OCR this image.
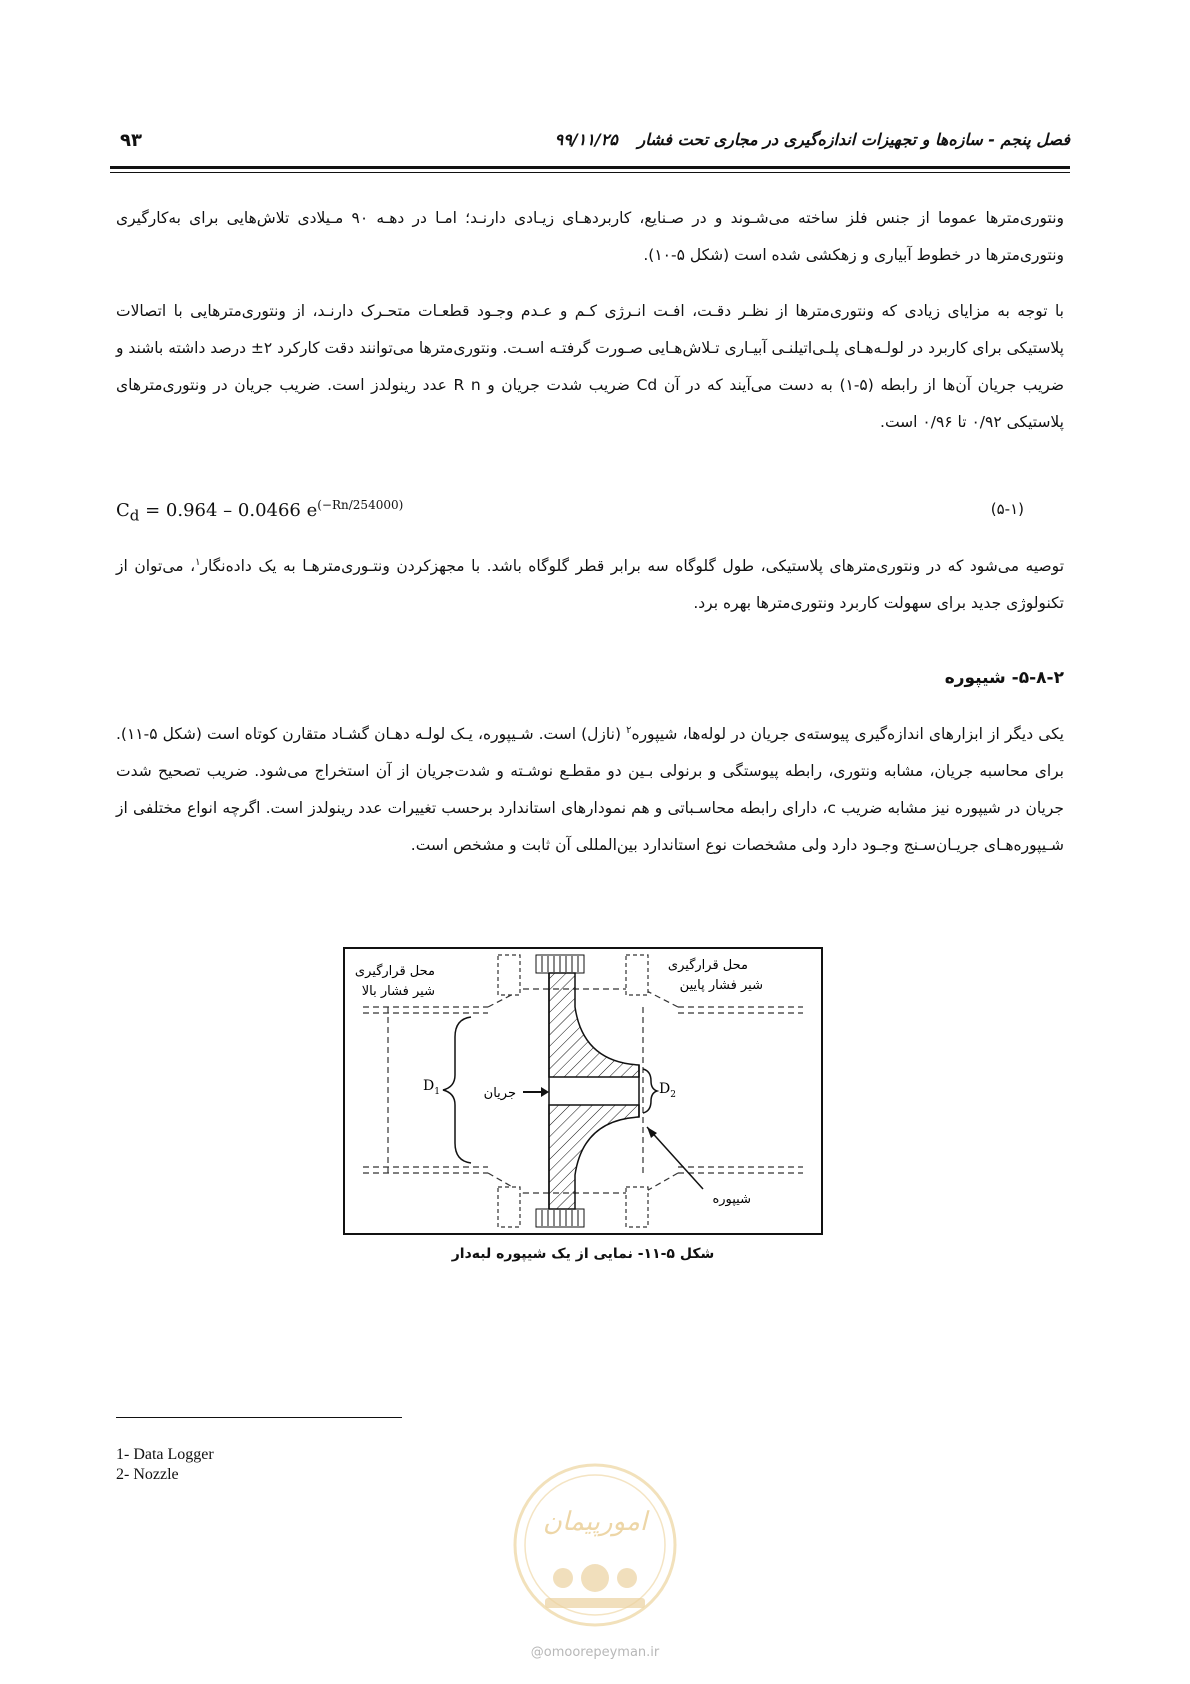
فصل پنجم - سازه‌ها و تجهیزات اندازه‌گیری در مجاری تحت فشار ۹۹/۱۱/۲۵
۹۳
ونتوری‌مترها عموما از جنس فلز ساخته می‌شـوند و در صـنایع، کاربردهـای زیـادی دارنـد؛ امـا در دهـه ۹۰ مـیلادی تلاش‌هایی برای به‌کارگیری ونتوری‌مترها در خطوط آبیاری و زهکشی شده است (شکل ۵-۱۰).
با توجه به مزایای زیادی که ونتوری‌مترها از نظـر دقـت، افـت انـرژی کـم و عـدم وجـود قطعـات متحـرک دارنـد، از ونتوری‌مترهایی با اتصالات پلاستیکی برای کاربرد در لولـه‌هـای پلـی‌اتیلنـی آبیـاری تـلاش‌هـایی صـورت گرفتـه اسـت. ونتوری‌مترها می‌توانند دقت کارکرد ۲± درصد داشته باشند و ضریب جریان آن‌ها از رابطه (۵-۱) به دست می‌آیند که در آن Cd ضریب شدت جریان و R n عدد رینولدز است. ضریب جریان در ونتوری‌مترهای پلاستیکی ۰/۹۲ تا ۰/۹۶ است.
$C_d = 0.964 - 0.0466$ $e^{(-Rn/254000)}$	(۵-۱)
توصیه می‌شود که در ونتوری‌مترهای پلاستیکی، طول گلوگاه سه برابر قطر گلوگاه باشد. با مجهزکردن ونتـوری‌مترهـا به یک داده‌نگار$^۱$، می‌توان از تکنولوژی جدید برای سهولت کاربرد ونتوری‌مترها بهره برد.
۵-۸-۲- شیپوره
یکی دیگر از ابزارهای اندازه‌گیری پیوسته‌ی جریان در لوله‌ها، شیپوره$^۲$ (نازل) است. شـیپوره، یـک لولـه دهـان گشـاد متقارن کوتاه است (شکل ۵-۱۱). برای محاسبه جریان، مشابه ونتوری، رابطه پیوستگی و برنولی بـین دو مقطـع نوشـته و شدت‌جریان از آن استخراج می‌شود. ضریب تصحیح شدت جریان در شیپوره نیز مشابه ضریب c، دارای رابطه محاسـباتی و هم نمودارهای استاندارد برحسب تغییرات عدد رینولدز است. اگرچه انواع مختلفی از شـیپوره‌هـای جریـان‌سـنج وجـود دارد ولی مشخصات نوع استاندارد بین‌المللی آن ثابت و مشخص است.
$D_1$	$D_2$
جریان
محل قرارگیری
شیر فشار بالا
محل قرارگیری
شیر فشار پایین
شیپوره
شکل ۵-۱۱- نمایی از یک شیپوره لبه‌دار
1- Data Logger
2- Nozzle
امورپیمان
@omoorepeyman.ir
